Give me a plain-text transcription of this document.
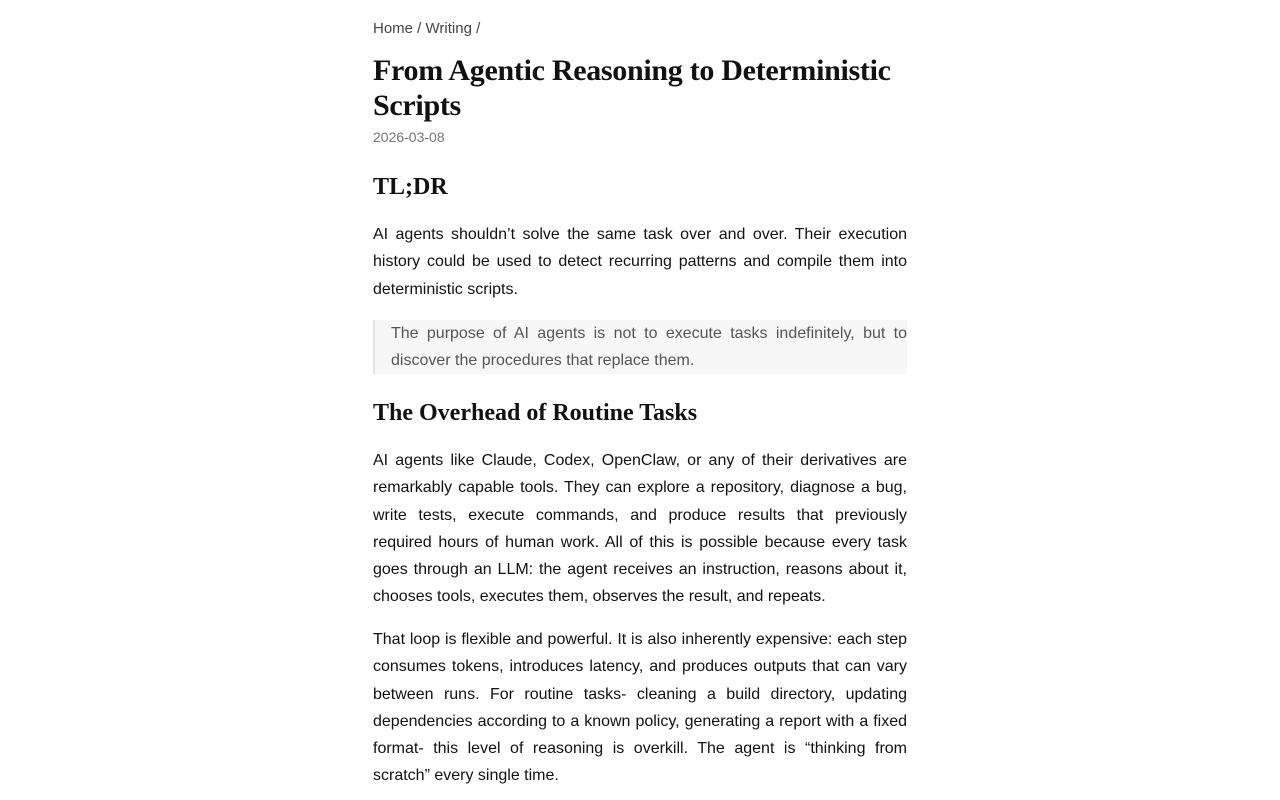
Home / Writing /
From Agentic Reasoning to Deterministic Scripts
2026-03-08
TL;DR

AI agents shouldn’t solve the same task over and over. Their execution history could be used to detect recurring patterns and compile them into deterministic scripts.

The purpose of AI agents is not to execute tasks indefinitely, but to discover the procedures that replace them.

The Overhead of Routine Tasks

AI agents like Claude, Codex, OpenClaw, or any of their derivatives are remarkably capable tools. They can explore a repository, diagnose a bug, write tests, execute commands, and produce results that previously required hours of human work. All of this is possible because every task goes through an LLM: the agent receives an instruction, reasons about it, chooses tools, executes them, observes the result, and repeats.

That loop is flexible and powerful. It is also inherently expensive: each step consumes tokens, introduces latency, and produces outputs that can vary between runs. For routine tasks- cleaning a build directory, updating dependencies according to a known policy, generating a report with a fixed format- this level of reasoning is overkill. The agent is “thinking from scratch” every single time.
